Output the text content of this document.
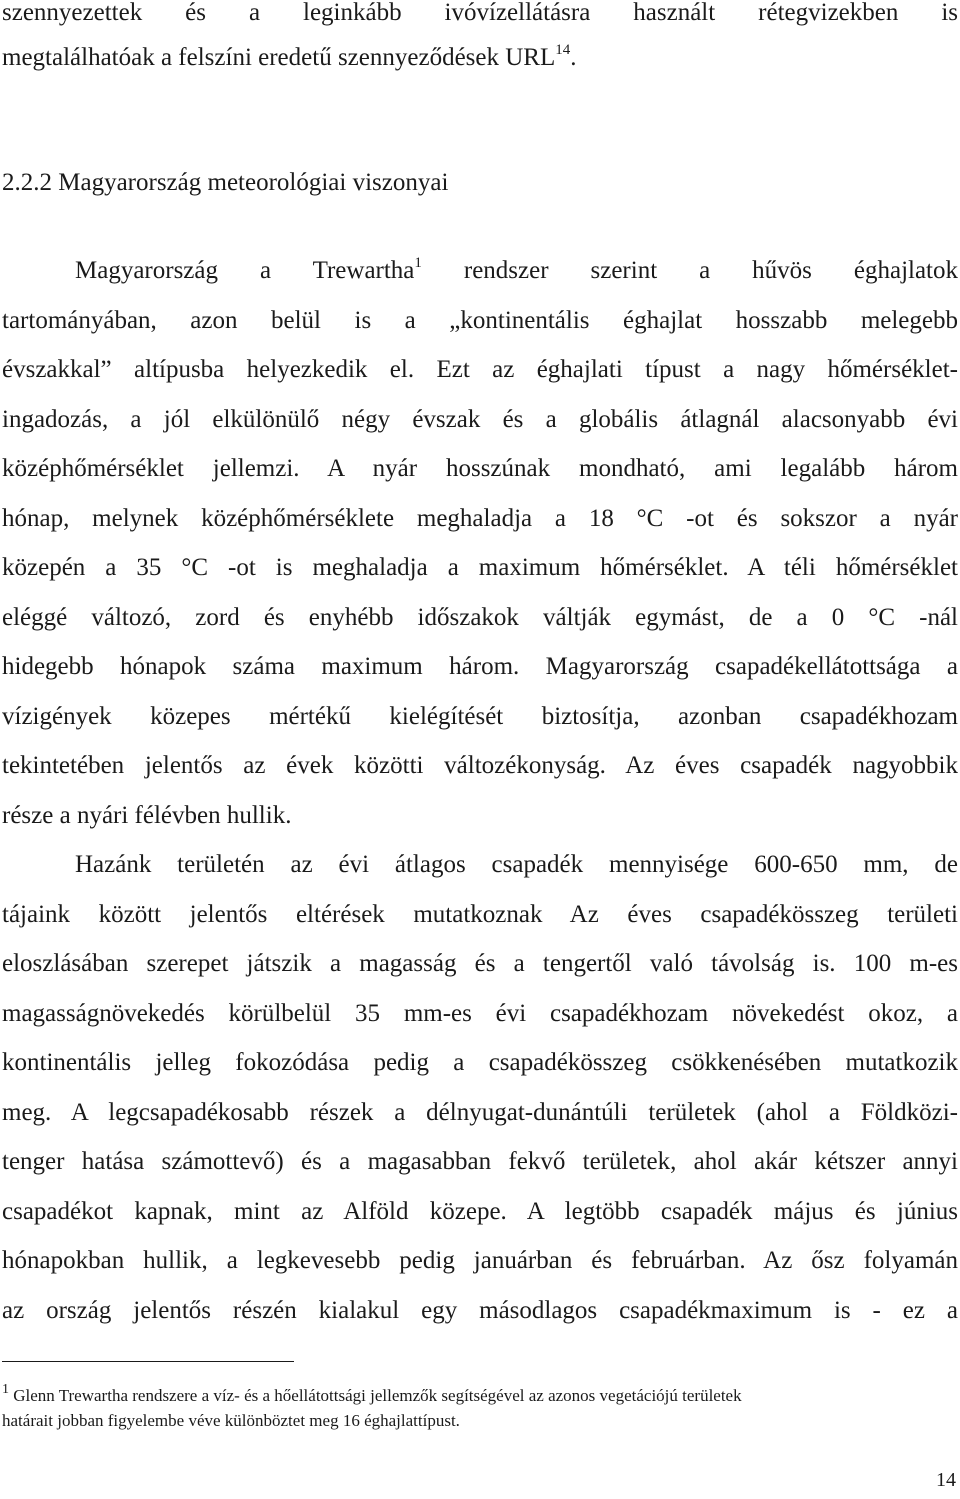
szennyezettek és a leginkább ivóvízellátásra használt rétegvizekben is
megtalálhatóak a felszíni eredetű szennyeződések URL$^{14}$.
2.2.2 Magyarország meteorológiai viszonyai
Magyarország a Trewartha$^1$ rendszer szerint a hűvös éghajlatok
tartományában, azon belül is a „kontinentális éghajlat hosszabb melegebb
évszakkal” altípusba helyezkedik el. Ezt az éghajlati típust a nagy hőmérséklet-
ingadozás, a jól elkülönülő négy évszak és a globális átlagnál alacsonyabb évi
középhőmérséklet jellemzi. A nyár hosszúnak mondható, ami legalább három
hónap, melynek középhőmérséklete meghaladja a 18 °C -ot és sokszor a nyár
közepén a 35 °C -ot is meghaladja a maximum hőmérséklet. A téli hőmérséklet
eléggé változó, zord és enyhébb időszakok váltják egymást, de a 0 °C -nál
hidegebb hónapok száma maximum három. Magyarország csapadékellátottsága a
vízigények közepes mértékű kielégítését biztosítja, azonban csapadékhozam
tekintetében jelentős az évek közötti változékonyság. Az éves csapadék nagyobbik
része a nyári félévben hullik.
Hazánk területén az évi átlagos csapadék mennyisége 600-650 mm, de
tájaink között jelentős eltérések mutatkoznak Az éves csapadékösszeg területi
eloszlásában szerepet játszik a magasság és a tengertől való távolság is. 100 m-es
magasságnövekedés körülbelül 35 mm-es évi csapadékhozam növekedést okoz, a
kontinentális jelleg fokozódása pedig a csapadékösszeg csökkenésében mutatkozik
meg. A legcsapadékosabb részek a délnyugat-dunántúli területek (ahol a Földközi-
tenger hatása számottevő) és a magasabban fekvő területek, ahol akár kétszer annyi
csapadékot kapnak, mint az Alföld közepe. A legtöbb csapadék május és június
hónapokban hullik, a legkevesebb pedig januárban és februárban. Az ősz folyamán
az ország jelentős részén kialakul egy másodlagos csapadékmaximum is - ez a
$^1$ Glenn Trewartha rendszere a víz- és a hőellátottsági jellemzők segítségével az azonos vegetációjú területek
határait jobban figyelembe véve különböztet meg 16 éghajlattípust.
14
